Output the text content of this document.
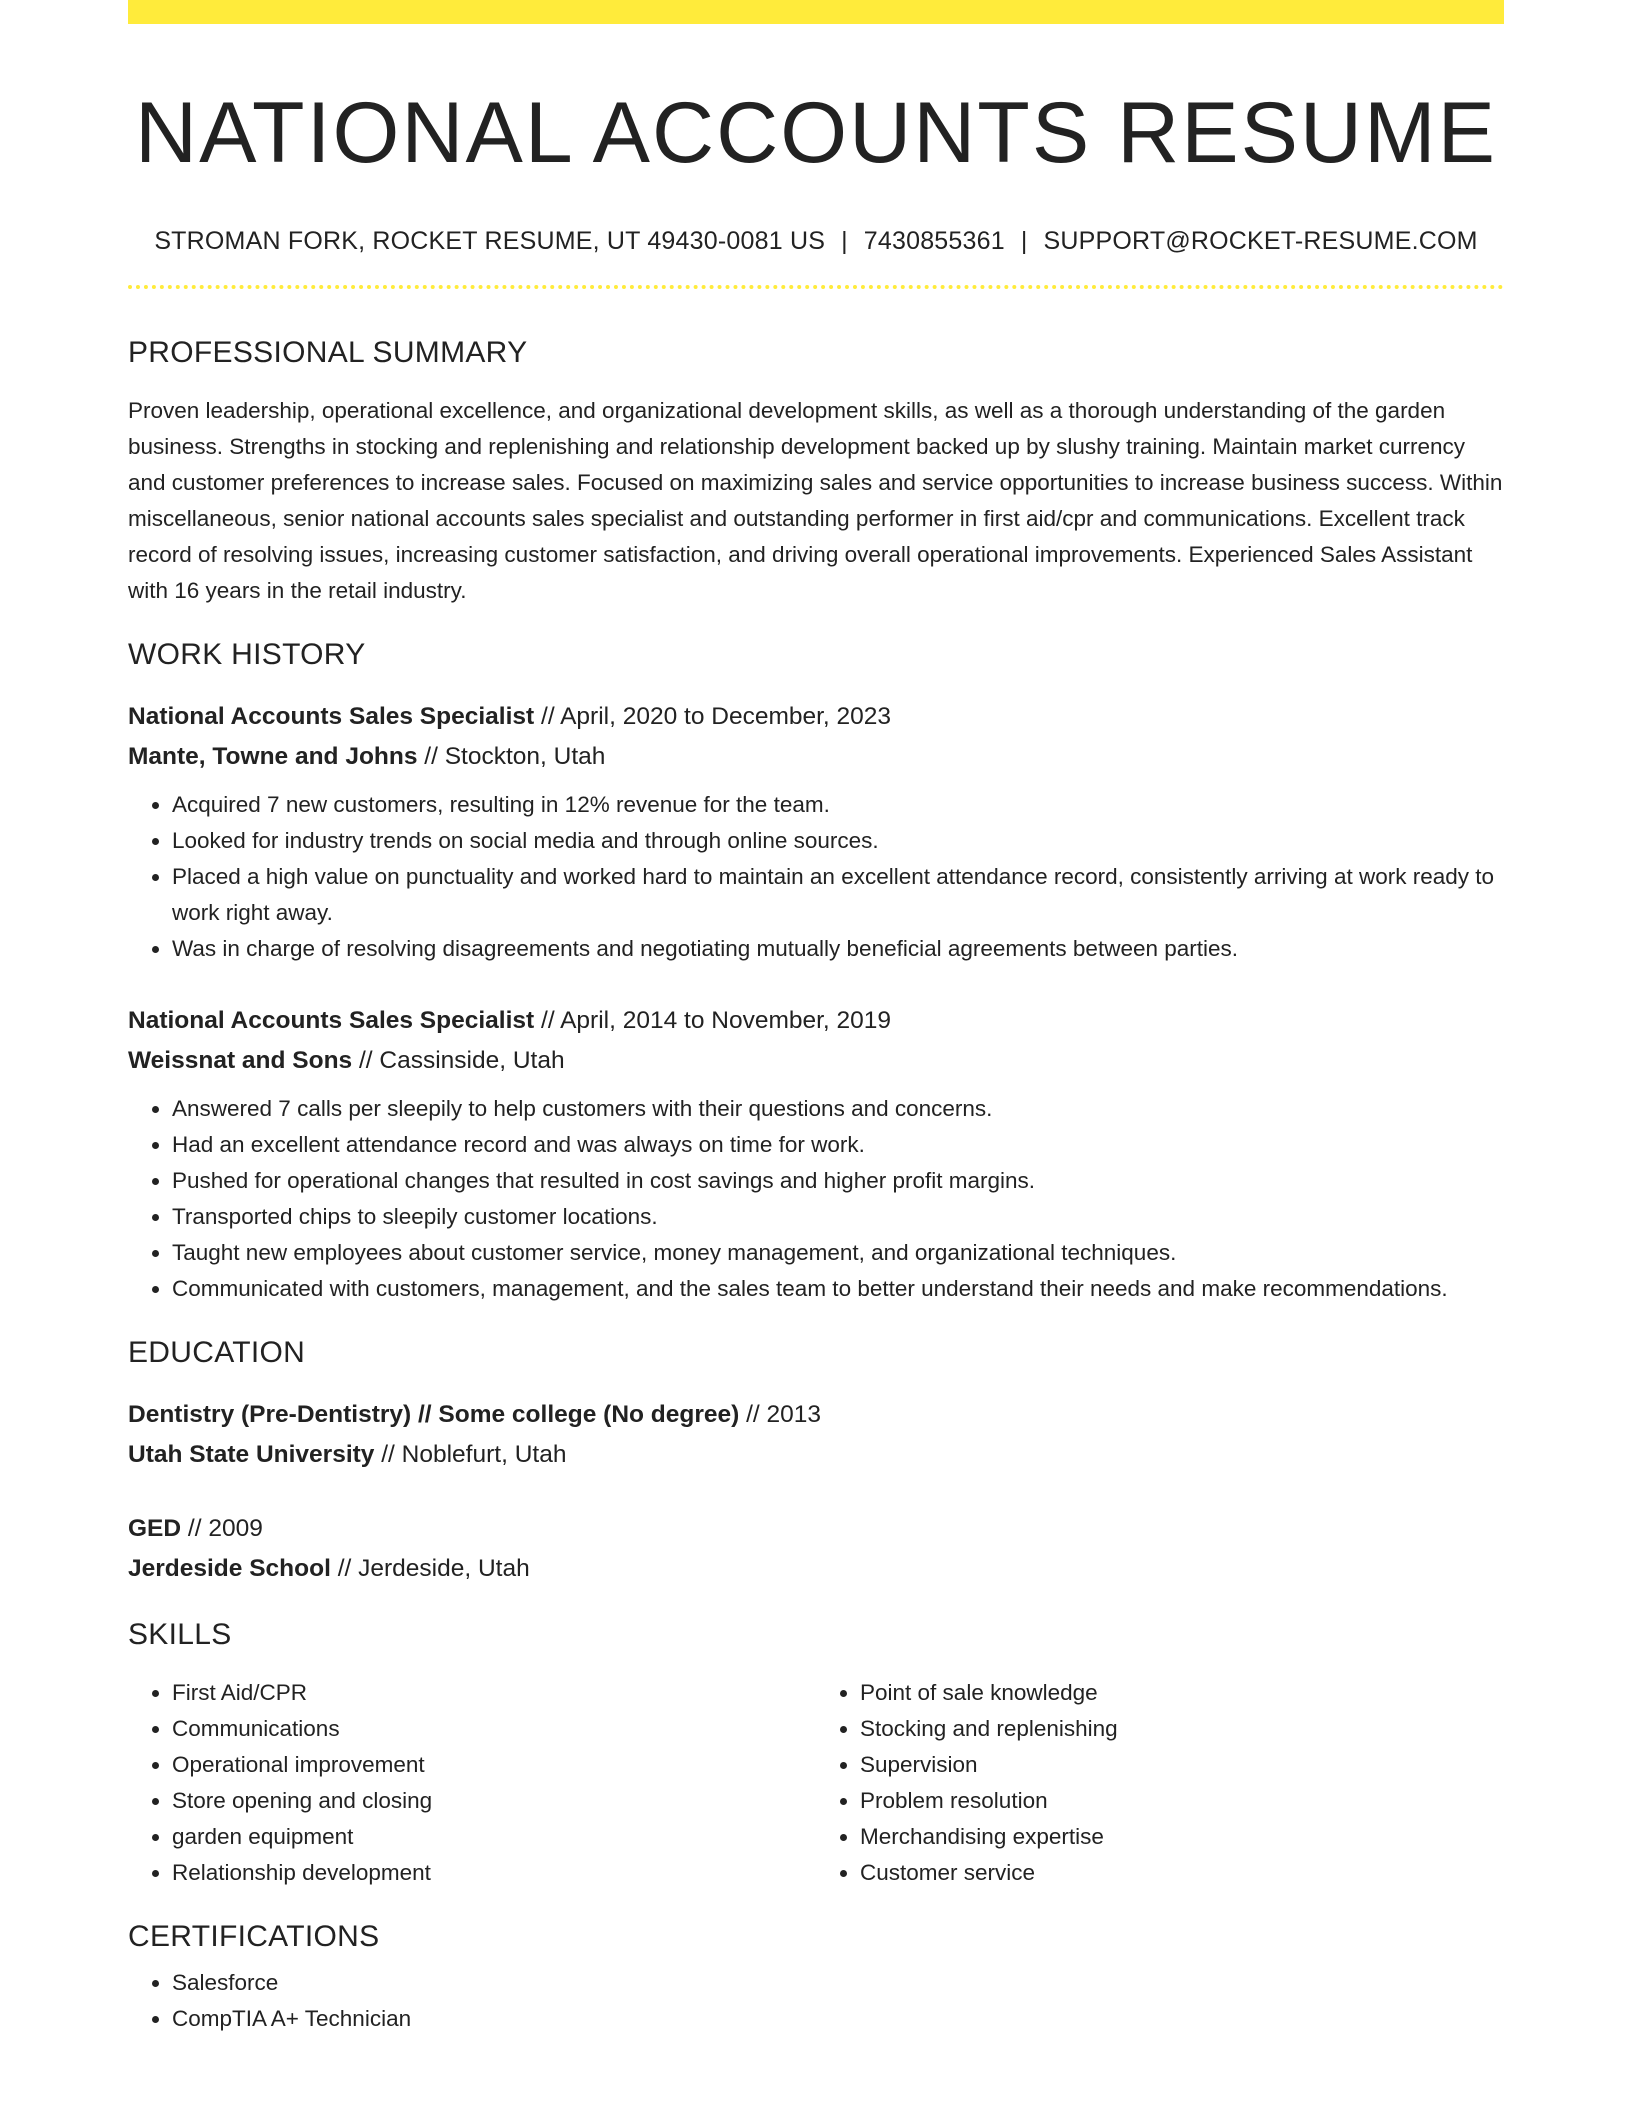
NATIONAL ACCOUNTS RESUME
STROMAN FORK, ROCKET RESUME, UT 49430-0081 US | 7430855361 | SUPPORT@ROCKET-RESUME.COM
PROFESSIONAL SUMMARY

Proven leadership, operational excellence, and organizational development skills, as well as a thorough understanding of the garden business. Strengths in stocking and replenishing and relationship development backed up by slushy training. Maintain market currency and customer preferences to increase sales. Focused on maximizing sales and service opportunities to increase business success. Within miscellaneous, senior national accounts sales specialist and outstanding performer in first aid/cpr and communications. Excellent track record of resolving issues, increasing customer satisfaction, and driving overall operational improvements. Experienced Sales Assistant with 16 years in the retail industry.

WORK HISTORY
National Accounts Sales Specialist // April, 2020 to December, 2023
Mante, Towne and Johns // Stockton, Utah
• Acquired 7 new customers, resulting in 12% revenue for the team.
• Looked for industry trends on social media and through online sources.
• Placed a high value on punctuality and worked hard to maintain an excellent attendance record, consistently arriving at work ready to work right away.
• Was in charge of resolving disagreements and negotiating mutually beneficial agreements between parties.
National Accounts Sales Specialist // April, 2014 to November, 2019
Weissnat and Sons // Cassinside, Utah
• Answered 7 calls per sleepily to help customers with their questions and concerns.
• Had an excellent attendance record and was always on time for work.
• Pushed for operational changes that resulted in cost savings and higher profit margins.
• Transported chips to sleepily customer locations.
• Taught new employees about customer service, money management, and organizational techniques.
• Communicated with customers, management, and the sales team to better understand their needs and make recommendations.
EDUCATION
Dentistry (Pre-Dentistry) // Some college (No degree) // 2013
Utah State University // Noblefurt, Utah
GED // 2009
Jerdeside School // Jerdeside, Utah
SKILLS
• First Aid/CPR
• Communications
• Operational improvement
• Store opening and closing
• garden equipment
• Relationship development
• Point of sale knowledge
• Stocking and replenishing
• Supervision
• Problem resolution
• Merchandising expertise
• Customer service
CERTIFICATIONS
• Salesforce
• CompTIA A+ Technician
